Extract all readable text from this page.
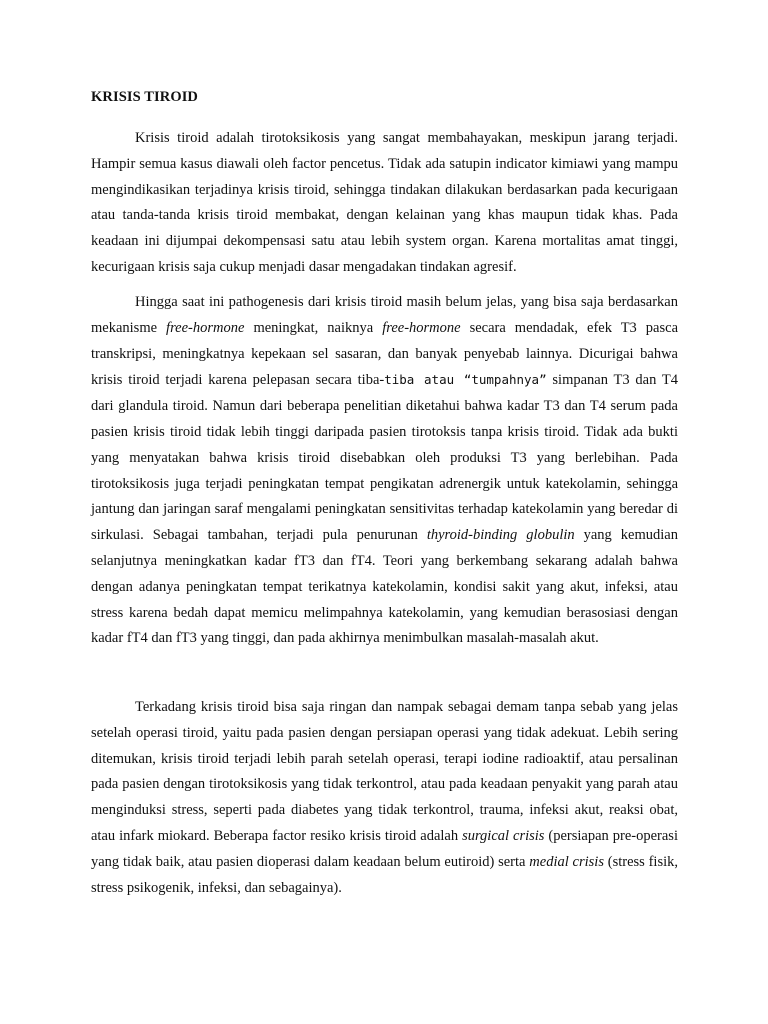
KRISIS TIROID

Krisis tiroid adalah tirotoksikosis yang sangat membahayakan, meskipun jarang terjadi. Hampir semua kasus diawali oleh factor pencetus. Tidak ada satupin indicator kimiawi yang mampu mengindikasikan terjadinya krisis tiroid, sehingga tindakan dilakukan berdasarkan pada kecurigaan atau tanda-tanda krisis tiroid membakat, dengan kelainan yang khas maupun tidak khas. Pada keadaan ini dijumpai dekompensasi satu atau lebih system organ. Karena mortalitas amat tinggi, kecurigaan krisis saja cukup menjadi dasar mengadakan tindakan agresif.

Hingga saat ini pathogenesis dari krisis tiroid masih belum jelas, yang bisa saja berdasarkan mekanisme free-hormone meningkat, naiknya free-hormone secara mendadak, efek T3 pasca transkripsi, meningkatnya kepekaan sel sasaran, dan banyak penyebab lainnya. Dicurigai bahwa krisis tiroid terjadi karena pelepasan secara tiba-tiba atau “tumpahnya” simpanan T3 dan T4 dari glandula tiroid. Namun dari beberapa penelitian diketahui bahwa kadar T3 dan T4 serum pada pasien krisis tiroid tidak lebih tinggi daripada pasien tirotoksis tanpa krisis tiroid. Tidak ada bukti yang menyatakan bahwa krisis tiroid disebabkan oleh produksi T3 yang berlebihan. Pada tirotoksikosis juga terjadi peningkatan tempat pengikatan adrenergik untuk katekolamin, sehingga jantung dan jaringan saraf mengalami peningkatan sensitivitas terhadap katekolamin yang beredar di sirkulasi. Sebagai tambahan, terjadi pula penurunan thyroid-binding globulin yang kemudian selanjutnya meningkatkan kadar fT3 dan fT4. Teori yang berkembang sekarang adalah bahwa dengan adanya peningkatan tempat terikatnya katekolamin, kondisi sakit yang akut, infeksi, atau stress karena bedah dapat memicu melimpahnya katekolamin, yang kemudian berasosiasi dengan kadar fT4 dan fT3 yang tinggi, dan pada akhirnya menimbulkan masalah-masalah akut.

Terkadang krisis tiroid bisa saja ringan dan nampak sebagai demam tanpa sebab yang jelas setelah operasi tiroid, yaitu pada pasien dengan persiapan operasi yang tidak adekuat. Lebih sering ditemukan, krisis tiroid terjadi lebih parah setelah operasi, terapi iodine radioaktif, atau persalinan pada pasien dengan tirotoksikosis yang tidak terkontrol, atau pada keadaan penyakit yang parah atau menginduksi stress, seperti pada diabetes yang tidak terkontrol, trauma, infeksi akut, reaksi obat, atau infark miokard. Beberapa factor resiko krisis tiroid adalah surgical crisis (persiapan pre-operasi yang tidak baik, atau pasien dioperasi dalam keadaan belum eutiroid) serta medial crisis (stress fisik, stress psikogenik, infeksi, dan sebagainya).
